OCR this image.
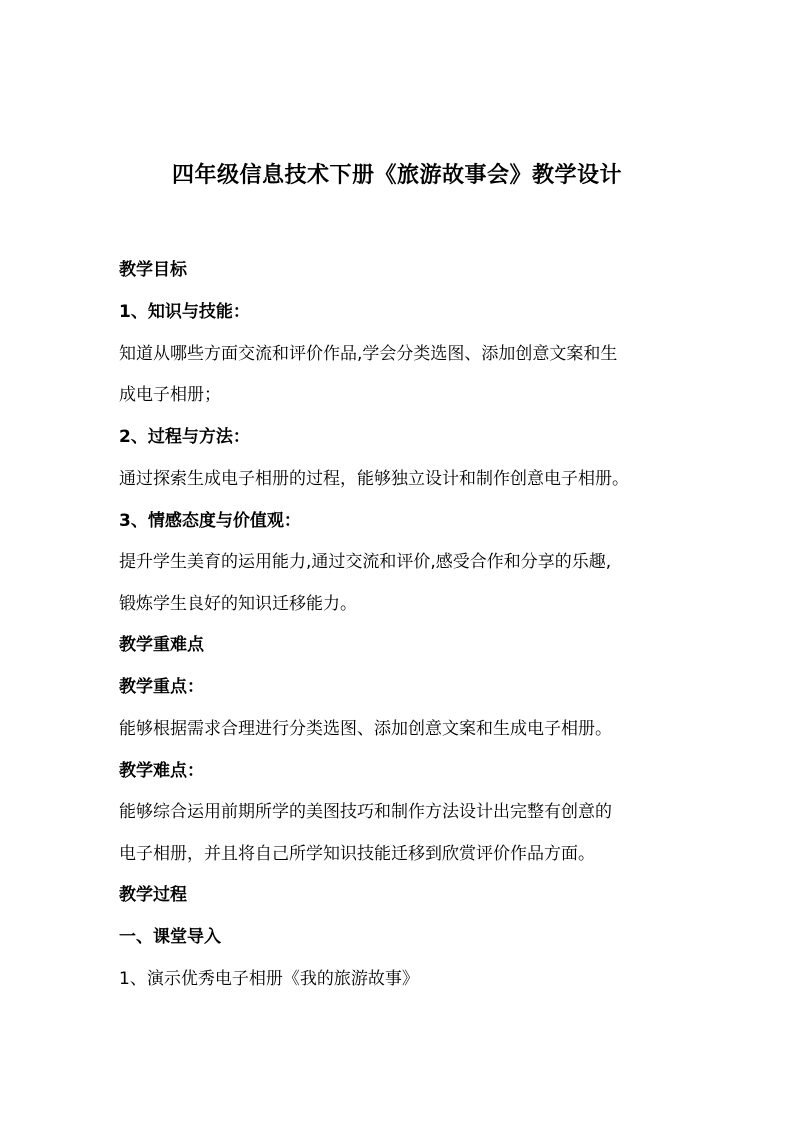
四年级信息技术下册《旅游故事会》教学设计
教学目标
1、知识与技能：
知道从哪些方面交流和评价作品,学会分类选图、添加创意文案和生
成电子相册；
2、过程与方法：
通过探索生成电子相册的过程，能够独立设计和制作创意电子相册。
3、情感态度与价值观：
提升学生美育的运用能力,通过交流和评价,感受合作和分享的乐趣,
锻炼学生良好的知识迁移能力。
教学重难点
教学重点：
能够根据需求合理进行分类选图、添加创意文案和生成电子相册。
教学难点：
能够综合运用前期所学的美图技巧和制作方法设计出完整有创意的
电子相册，并且将自己所学知识技能迁移到欣赏评价作品方面。
教学过程
一、课堂导入
1、演示优秀电子相册《我的旅游故事》
